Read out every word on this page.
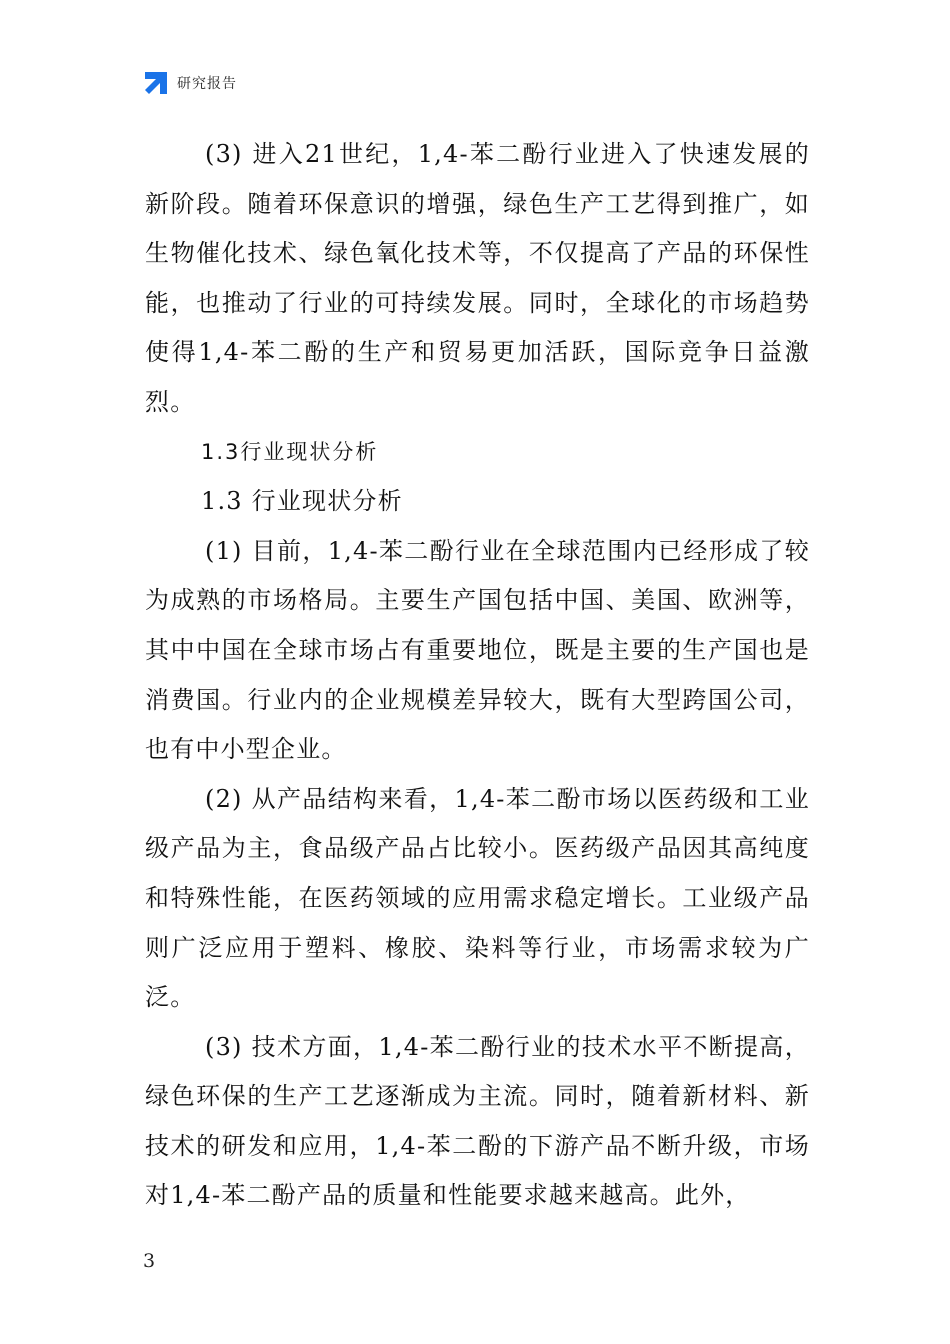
研究报告

(3) 进入21世纪，1,4-苯二酚行业进入了快速发展的新阶段。随着环保意识的增强，绿色生产工艺得到推广，如生物催化技术、绿色氧化技术等，不仅提高了产品的环保性能，也推动了行业的可持续发展。同时，全球化的市场趋势使得1,4-苯二酚的生产和贸易更加活跃，国际竞争日益激烈。

1.3行业现状分析

1.3 行业现状分析

(1) 目前，1,4-苯二酚行业在全球范围内已经形成了较为成熟的市场格局。主要生产国包括中国、美国、欧洲等，其中中国在全球市场占有重要地位，既是主要的生产国也是消费国。行业内的企业规模差异较大，既有大型跨国公司，也有中小型企业。

(2) 从产品结构来看，1,4-苯二酚市场以医药级和工业级产品为主，食品级产品占比较小。医药级产品因其高纯度和特殊性能，在医药领域的应用需求稳定增长。工业级产品则广泛应用于塑料、橡胶、染料等行业，市场需求较为广泛。

(3) 技术方面，1,4-苯二酚行业的技术水平不断提高，绿色环保的生产工艺逐渐成为主流。同时，随着新材料、新技术的研发和应用，1,4-苯二酚的下游产品不断升级，市场对1,4-苯二酚产品的质量和性能要求越来越高。此外，

3
